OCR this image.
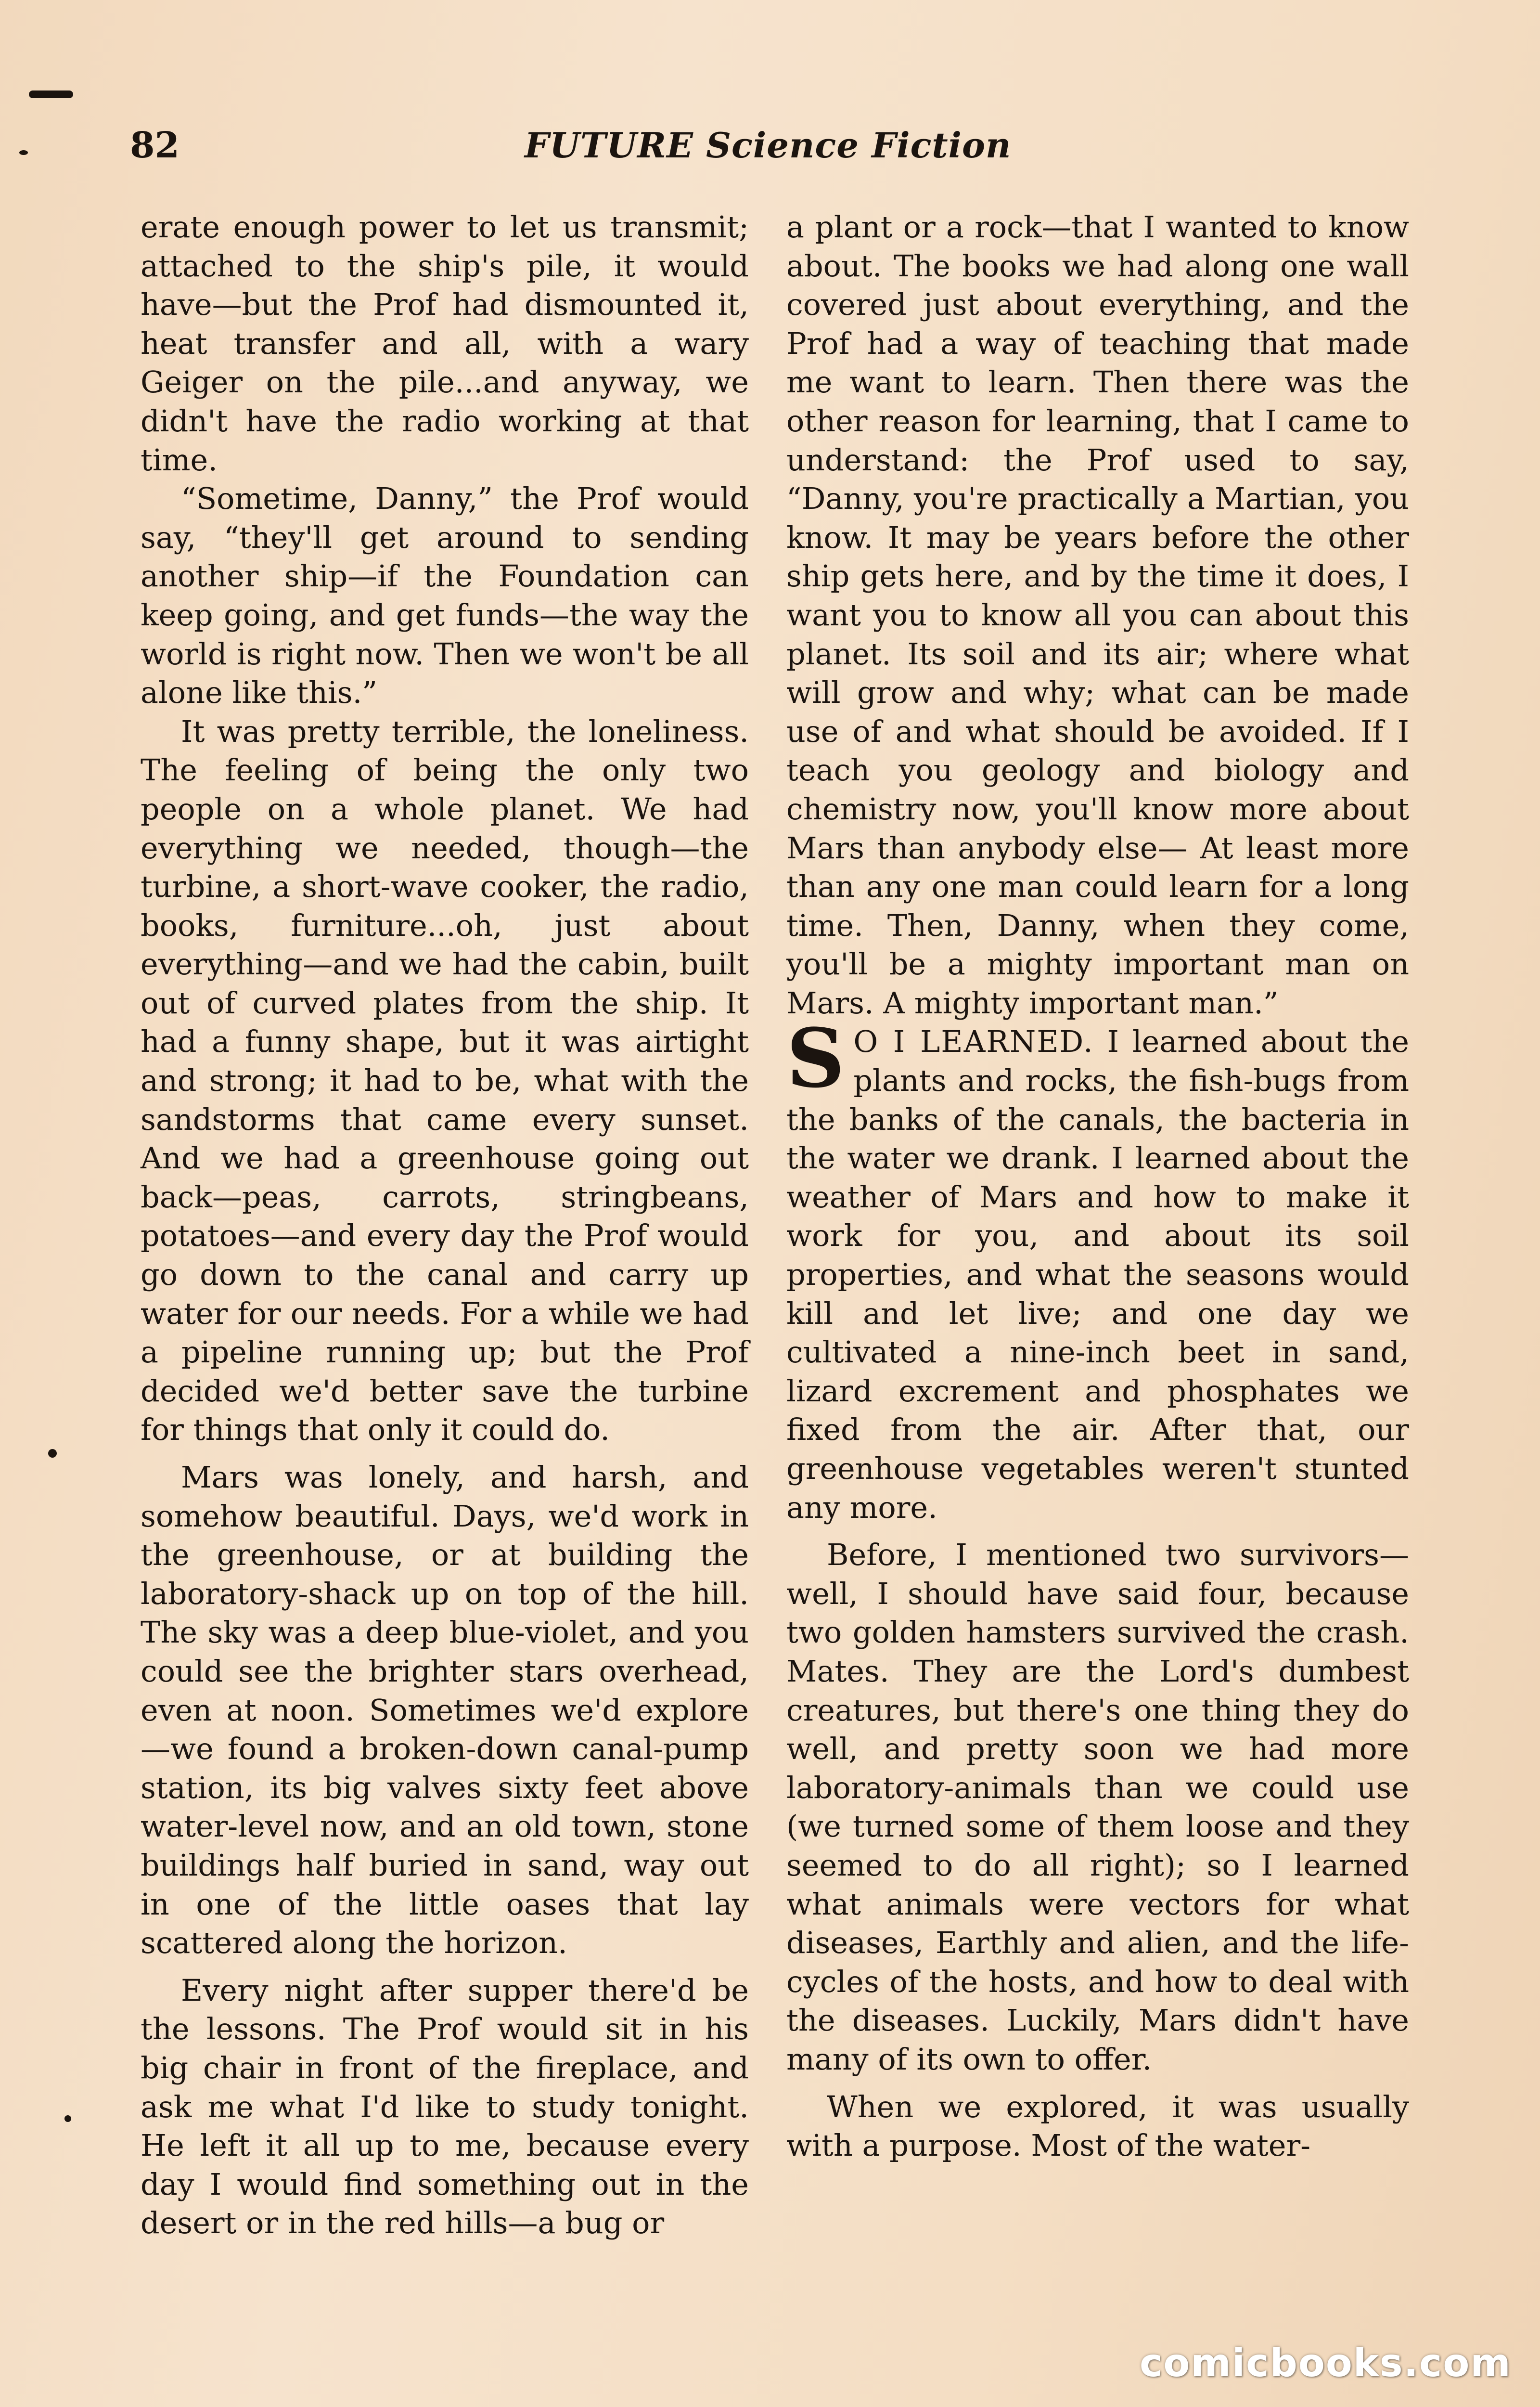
82	FUTURE Science Fiction

erate enough power to let us transmit; attached to the ship's pile, it would have—but the Prof had dismounted it, heat transfer and all, with a wary Geiger on the pile...and anyway, we didn't have the radio working at that time.

“Sometime, Danny,” the Prof would say, “they'll get around to sending another ship—if the Foundation can keep going, and get funds—the way the world is right now. Then we won't be all alone like this.”

It was pretty terrible, the loneliness. The feeling of being the only two people on a whole planet. We had everything we needed, though—the turbine, a short-wave cooker, the radio, books, furniture...oh, just about everything—and we had the cabin, built out of curved plates from the ship. It had a funny shape, but it was airtight and strong; it had to be, what with the sandstorms that came every sunset. And we had a greenhouse going out back—peas, carrots, stringbeans, potatoes—and every day the Prof would go down to the canal and carry up water for our needs. For a while we had a pipeline running up; but the Prof decided we'd better save the turbine for things that only it could do.

Mars was lonely, and harsh, and somehow beautiful. Days, we'd work in the greenhouse, or at building the laboratory-shack up on top of the hill. The sky was a deep blue-violet, and you could see the brighter stars overhead, even at noon. Sometimes we'd explore—we found a broken-down canal-pump station, its big valves sixty feet above water-level now, and an old town, stone buildings half buried in sand, way out in one of the little oases that lay scattered along the horizon.

Every night after supper there'd be the lessons. The Prof would sit in his big chair in front of the fireplace, and ask me what I'd like to study tonight. He left it all up to me, because every day I would find something out in the desert or in the red hills—a bug or

a plant or a rock—that I wanted to know about. The books we had along one wall covered just about everything, and the Prof had a way of teaching that made me want to learn. Then there was the other reason for learning, that I came to understand: the Prof used to say, “Danny, you're practically a Martian, you know. It may be years before the other ship gets here, and by the time it does, I want you to know all you can about this planet. Its soil and its air; where what will grow and why; what can be made use of and what should be avoided. If I teach you geology and biology and chemistry now, you'll know more about Mars than anybody else— At least more than any one man could learn for a long time. Then, Danny, when they come, you'll be a mighty important man on Mars. A mighty important man.”

S O I LEARNED. I learned about the plants and rocks, the fish-bugs from the banks of the canals, the bacteria in the water we drank. I learned about the weather of Mars and how to make it work for you, and about its soil properties, and what the seasons would kill and let live; and one day we cultivated a nine-inch beet in sand, lizard excrement and phosphates we fixed from the air. After that, our greenhouse vegetables weren't stunted any more.

Before, I mentioned two survivors—well, I should have said four, because two golden hamsters survived the crash. Mates. They are the Lord's dumbest creatures, but there's one thing they do well, and pretty soon we had more laboratory-animals than we could use (we turned some of them loose and they seemed to do all right); so I learned what animals were vectors for what diseases, Earthly and alien, and the life-cycles of the hosts, and how to deal with the diseases. Luckily, Mars didn't have many of its own to offer.

When we explored, it was usually with a purpose. Most of the water-

comicbooks.com
